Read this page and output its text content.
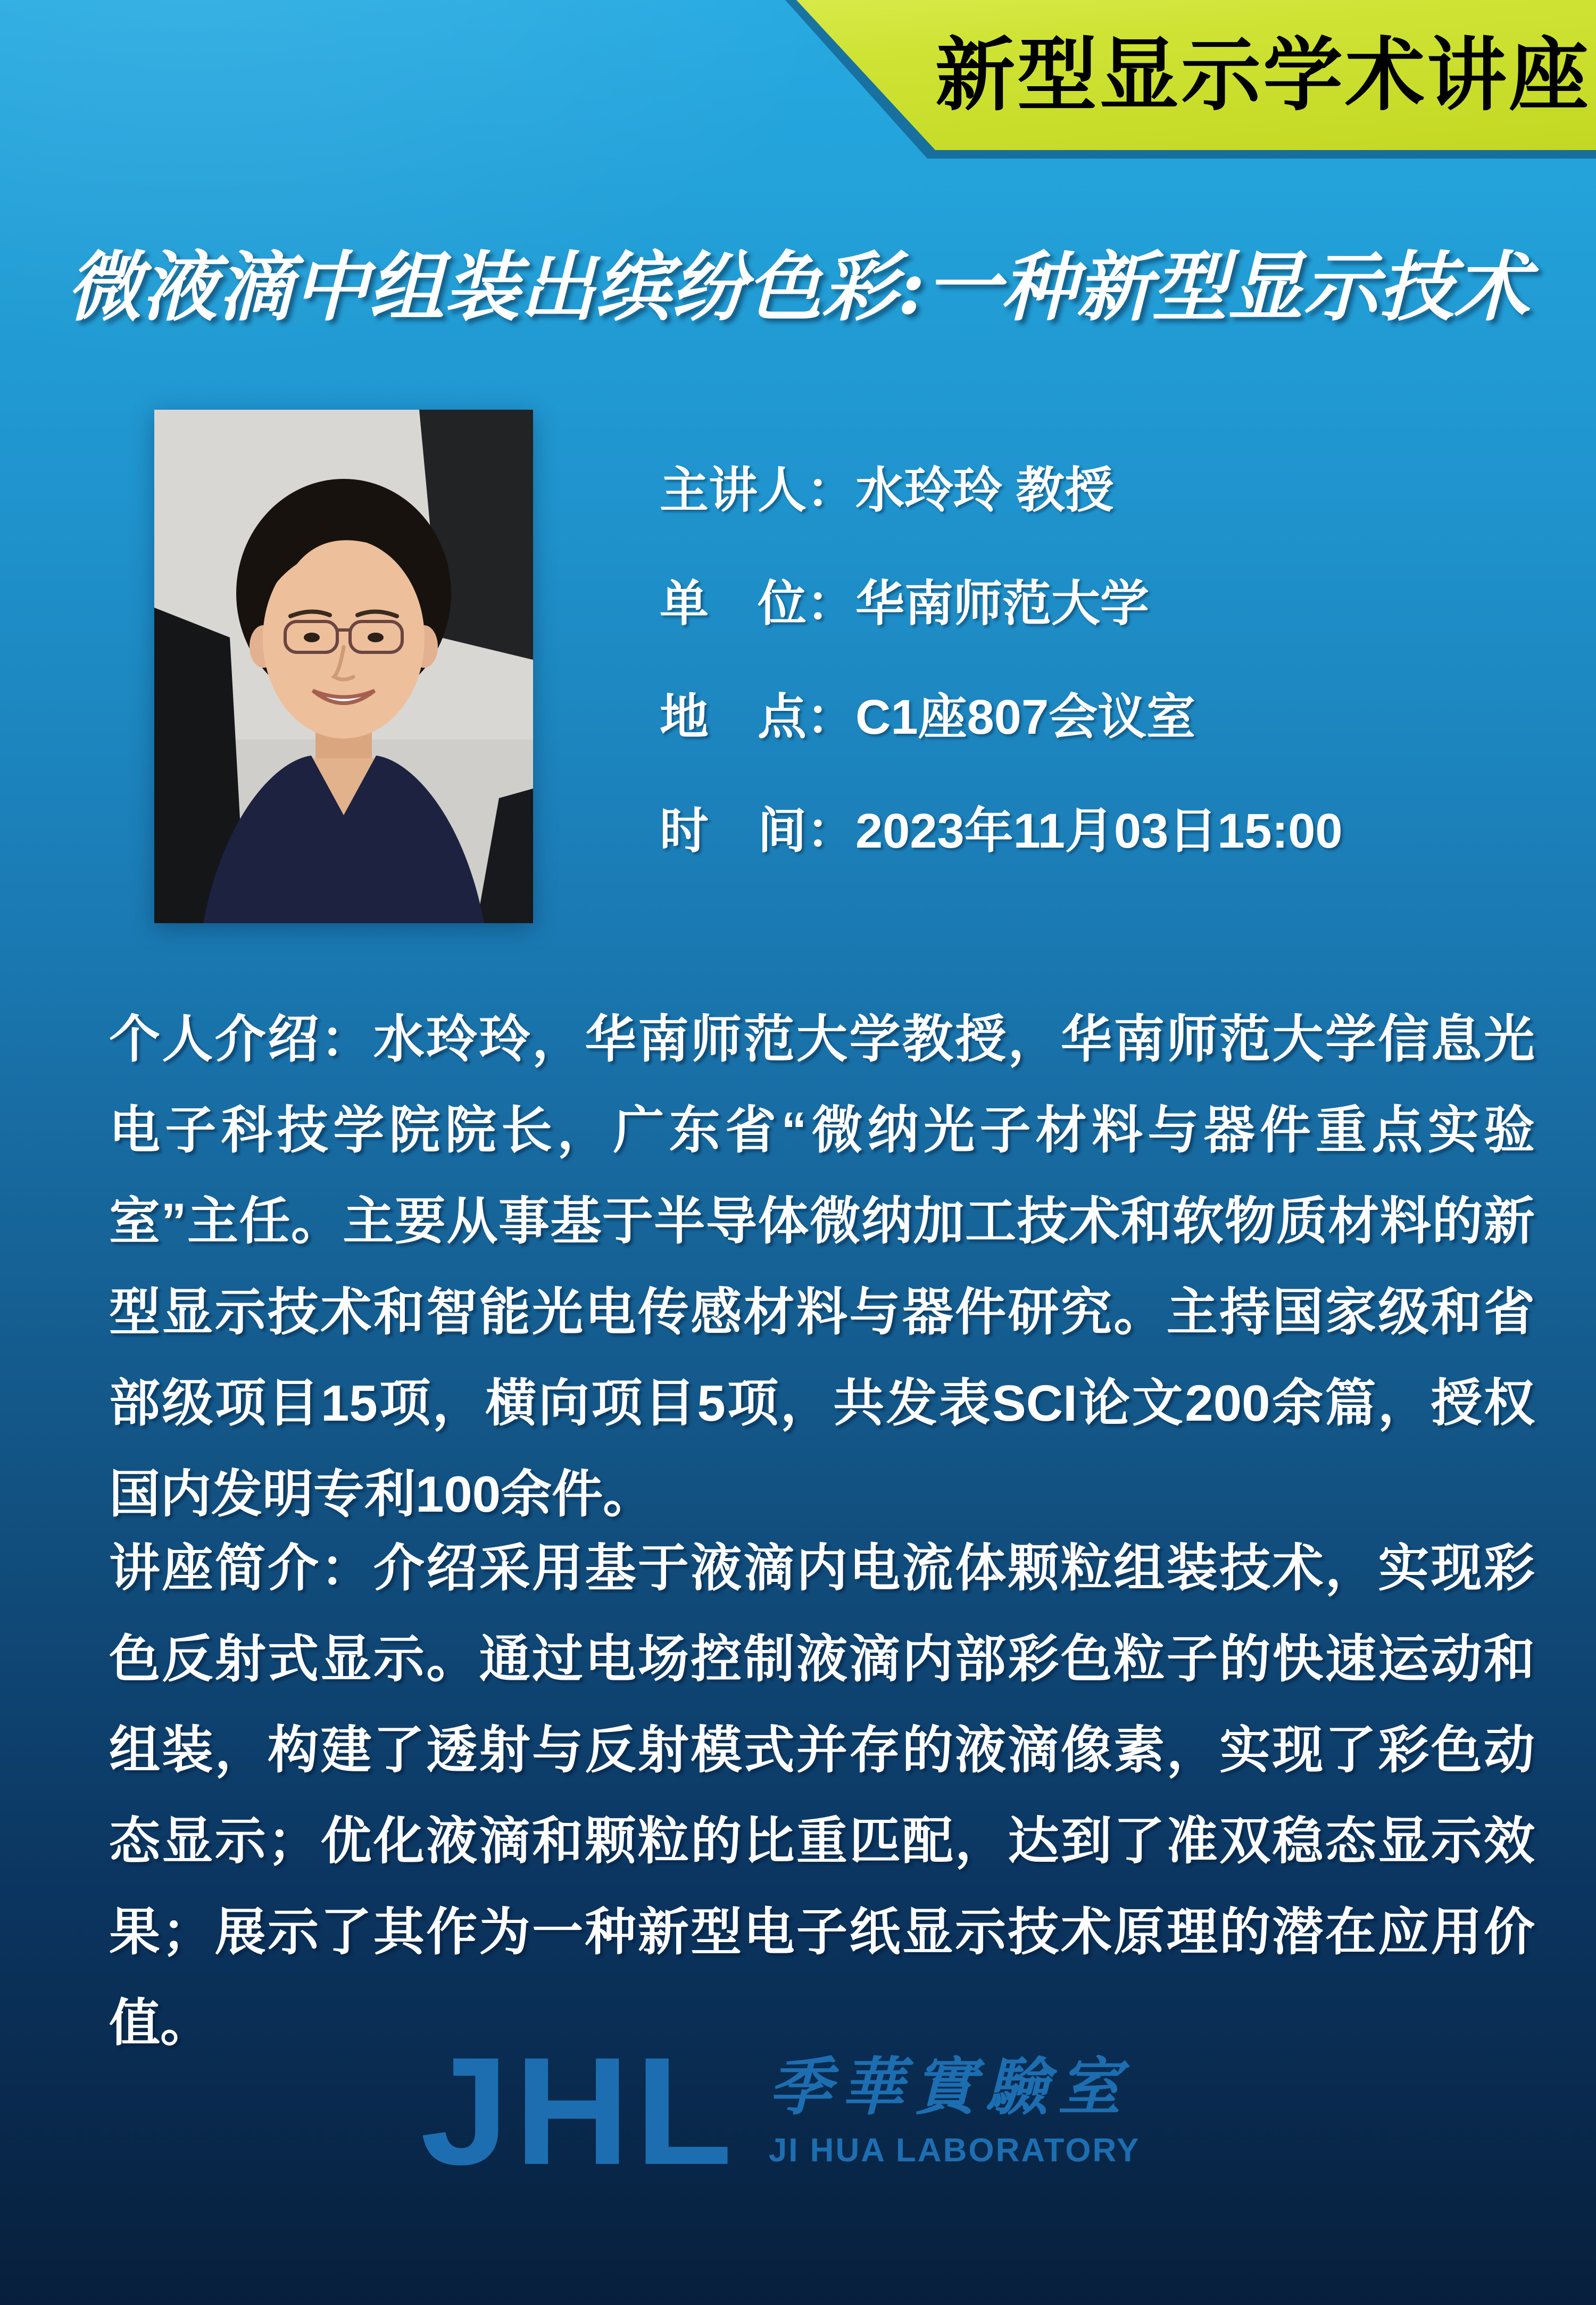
新型显示学术讲座
微液滴中组装出缤纷色彩:一种新型显示技术
主讲人：水玲玲 教授
单　位：华南师范大学
地　点：C1座807会议室
时　间：2023年11月03日15:00

个人介绍：水玲玲，华南师范大学教授，华南师范大学信息光电子科技学院院长，广东省“微纳光子材料与器件重点实验室”主任。主要从事基于半导体微纳加工技术和软物质材料的新型显示技术和智能光电传感材料与器件研究。主持国家级和省部级项目15项，横向项目5项，共发表SCI论文200余篇，授权国内发明专利100余件。

讲座简介：介绍采用基于液滴内电流体颗粒组装技术，实现彩色反射式显示。通过电场控制液滴内部彩色粒子的快速运动和组装，构建了透射与反射模式并存的液滴像素，实现了彩色动态显示；优化液滴和颗粒的比重匹配，达到了准双稳态显示效果；展示了其作为一种新型电子纸显示技术原理的潜在应用价值。

JHL 季華實驗室
JI HUA LABORATORY
